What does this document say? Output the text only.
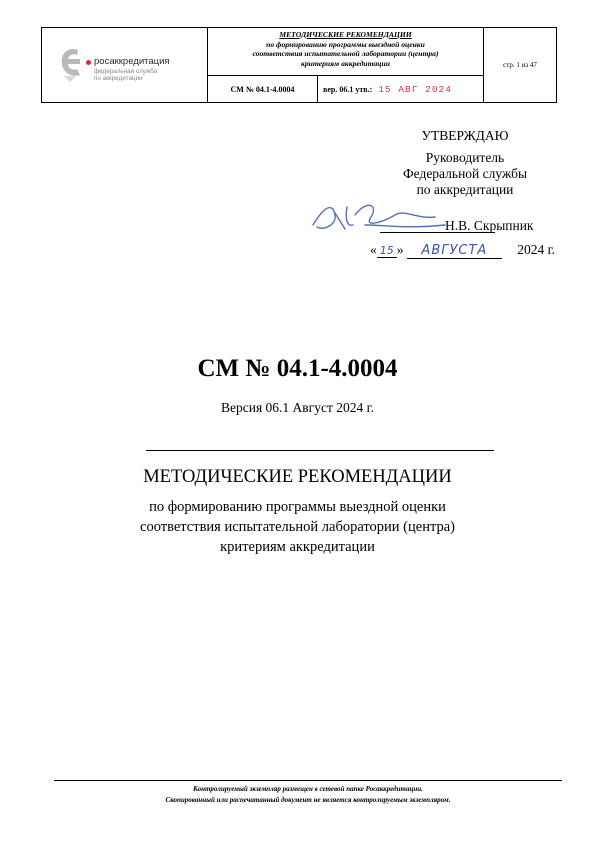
росаккредитация
федеральная служба
по аккредитации
МЕТОДИЧЕСКИЕ РЕКОМЕНДАЦИИ
по формированию программы выездной оценки
соответствия испытательной лаборатории (центра)
критериям аккредитации
СМ № 04.1-4.0004	вер. 06.1 утв.: 15 АВГ 2024
стр. 1 из 47
УТВЕРЖДАЮ
Руководитель
Федеральной службы
по аккредитации
Н.В. Скрыпник
« 15 » АВГУСТА 2024 г.
СМ № 04.1-4.0004
Версия 06.1 Август 2024 г.
МЕТОДИЧЕСКИЕ РЕКОМЕНДАЦИИ
по формированию программы выездной оценки
соответствия испытательной лаборатории (центра)
критериям аккредитации
Контролируемый экземпляр размещен в сетевой папке Росаккредитации.
Скопированный или распечатанный документ не является контролируемым экземпляром.
